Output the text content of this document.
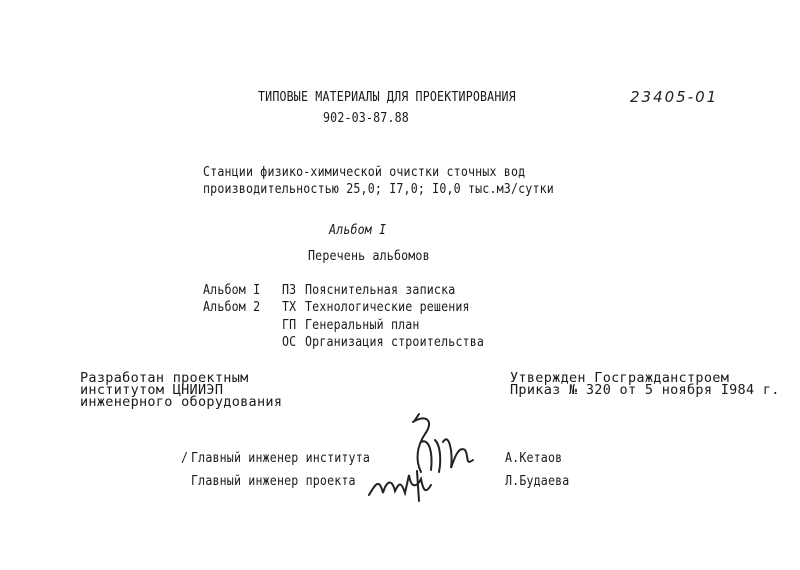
ТИПОВЫЕ МАТЕРИАЛЫ ДЛЯ ПРОЕКТИРОВАНИЯ	23405-01
902-03-87.88
Станции физико-химической очистки сточных вод
производительностью 25,0; I7,0; I0,0 тыс.м3/сутки
Альбом I
Перечень альбомов
Альбом I ПЗ Пояснительная записка
Альбом 2 ТХ Технологические решения
ГП Генеральный план
ОС Организация строительства
Разработан проектным
институтом ЦНИИЭП
инженерного оборудования
Утвержден Госгражданстроем
Приказ № 320 от 5 ноября I984 г.
/ Главный инженер института	А.Кетаов
Главный инженер проекта	Л.Будаева
